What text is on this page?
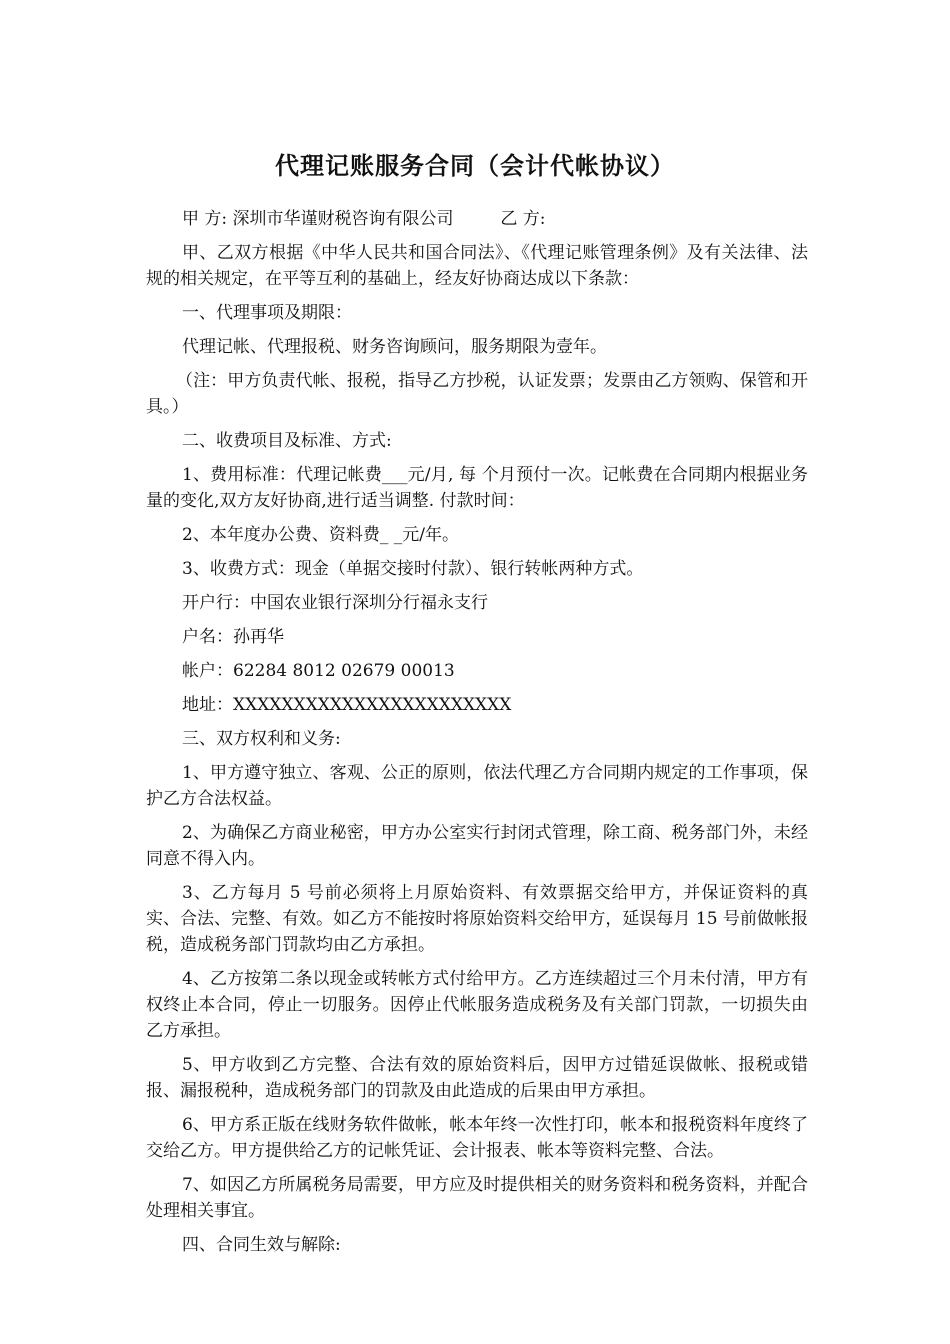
代理记账服务合同（会计代帐协议）

甲 方: 深圳市华谨财税咨询有限公司	乙 方:

甲、乙双方根据《中华人民共和国合同法》、《代理记账管理条例》及有关法律、法规的相关规定，在平等互利的基础上，经友好协商达成以下条款：

一、代理事项及期限：

代理记帐、代理报税、财务咨询顾问，服务期限为壹年。

（注：甲方负责代帐、报税，指导乙方抄税，认证发票；发票由乙方领购、保管和开具。）

二、收费项目及标准、方式:

1、费用标准：代理记帐费___元/月, 每 个月预付一次。记帐费在合同期内根据业务量的变化,双方友好协商,进行适当调整. 付款时间：

2、本年度办公费、资料费_ _元/年。

3、收费方式：现金（单据交接时付款）、银行转帐两种方式。

开户行：中国农业银行深圳分行福永支行

户名：孙再华

帐户：62284 8012 02679 00013

地址：XXXXXXXXXXXXXXXXXXXXXXX

三、双方权利和义务:

1、甲方遵守独立、客观、公正的原则，依法代理乙方合同期内规定的工作事项，保护乙方合法权益。

2、为确保乙方商业秘密，甲方办公室实行封闭式管理，除工商、税务部门外，未经同意不得入内。

3、乙方每月 5 号前必须将上月原始资料、有效票据交给甲方，并保证资料的真实、合法、完整、有效。如乙方不能按时将原始资料交给甲方，延误每月 15 号前做帐报税，造成税务部门罚款均由乙方承担。

4、乙方按第二条以现金或转帐方式付给甲方。乙方连续超过三个月未付清，甲方有权终止本合同，停止一切服务。因停止代帐服务造成税务及有关部门罚款，一切损失由乙方承担。

5、甲方收到乙方完整、合法有效的原始资料后，因甲方过错延误做帐、报税或错报、漏报税种，造成税务部门的罚款及由此造成的后果由甲方承担。

6、甲方系正版在线财务软件做帐，帐本年终一次性打印，帐本和报税资料年度终了交给乙方。甲方提供给乙方的记帐凭证、会计报表、帐本等资料完整、合法。

7、如因乙方所属税务局需要，甲方应及时提供相关的财务资料和税务资料，并配合处理相关事宜。

四、合同生效与解除:
